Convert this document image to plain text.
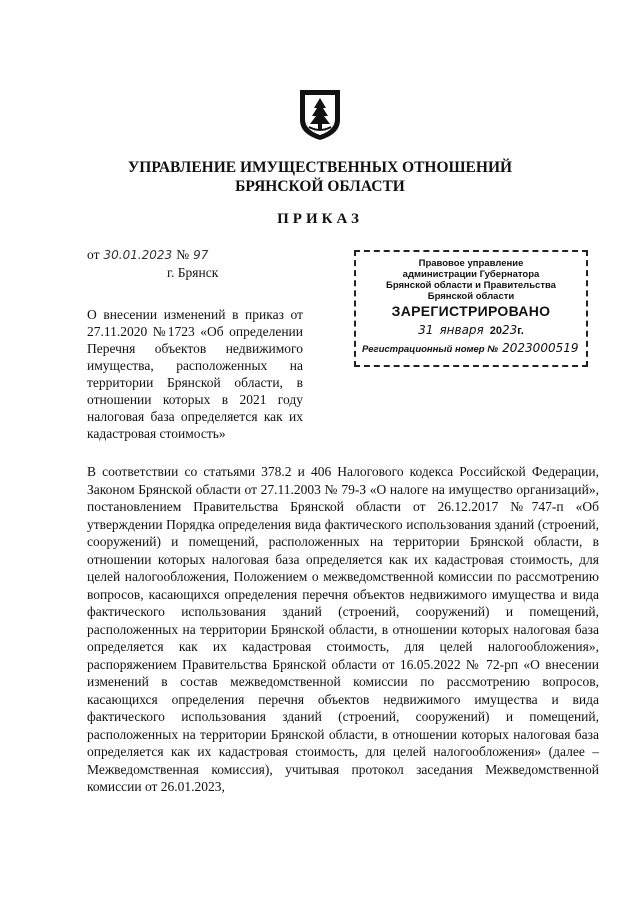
УПРАВЛЕНИЕ ИМУЩЕСТВЕННЫХ ОТНОШЕНИЙ
БРЯНСКОЙ ОБЛАСТИ
ПРИКАЗ
от 30.01.2023 № 97
г. Брянск
Правовое управление
администрации Губернатора
Брянской области и Правительства
Брянской области
ЗАРЕГИСТРИРОВАНО
31 января 2023г.
Регистрационный номер № 2023000519
О внесении изменений в приказ от 27.11.2020 №1723 «Об определении Перечня объектов недвижимого имущества, расположенных на территории Брянской области, в отношении которых в 2021 году налоговая база определяется как их кадастровая стоимость»
В соответствии со статьями 378.2 и 406 Налогового кодекса Российской Федерации, Законом Брянской области от 27.11.2003 № 79-З «О налоге на имущество организаций», постановлением Правительства Брянской области от 26.12.2017 №747-п «Об утверждении Порядка определения вида фактического использования зданий (строений, сооружений) и помещений, расположенных на территории Брянской области, в отношении которых налоговая база определяется как их кадастровая стоимость, для целей налогообложения, Положением о межведомственной комиссии по рассмотрению вопросов, касающихся определения перечня объектов недвижимого имущества и вида фактического использования зданий (строений, сооружений) и помещений, расположенных на территории Брянской области, в отношении которых налоговая база определяется как их кадастровая стоимость, для целей налогообложения», распоряжением Правительства Брянской области от 16.05.2022 № 72-рп «О внесении изменений в состав межведомственной комиссии по рассмотрению вопросов, касающихся определения перечня объектов недвижимого имущества и вида фактического использования зданий (строений, сооружений) и помещений, расположенных на территории Брянской области, в отношении которых налоговая база определяется как их кадастровая стоимость, для целей налогообложения» (далее – Межведомственная комиссия), учитывая протокол заседания Межведомственной комиссии от 26.01.2023,
